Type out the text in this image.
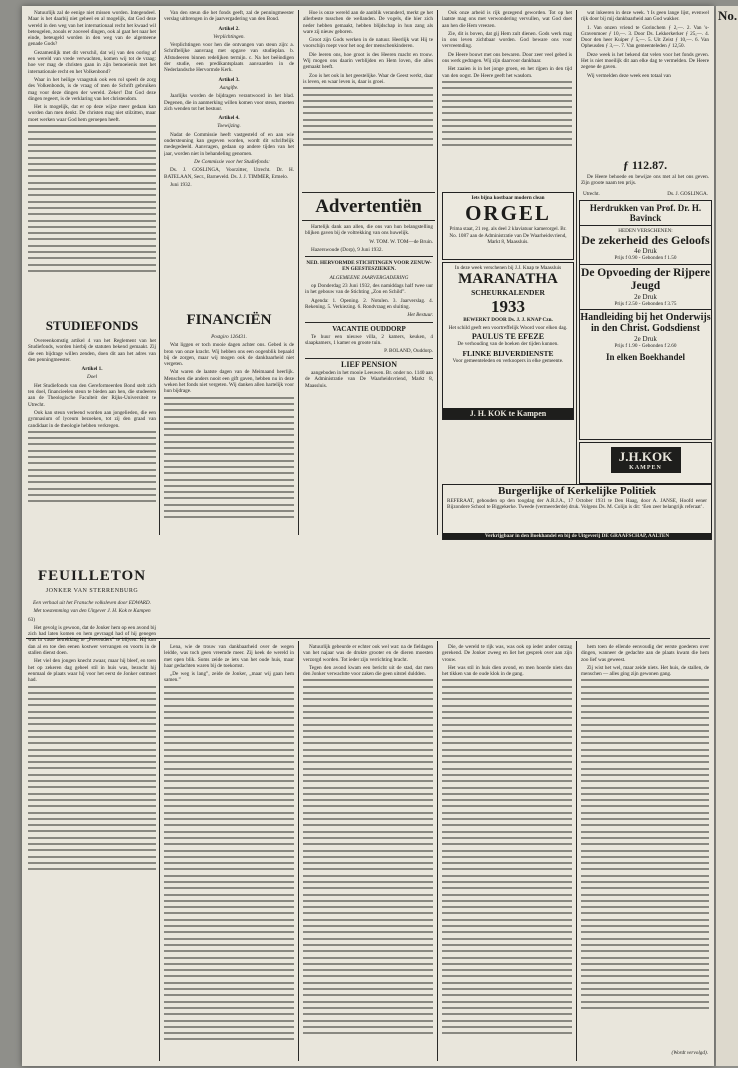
Natuurlijk zal de eenige niet missen worden. Integendeel. Maar is het daarbij niet geheel en al mogelijk, dat God deze wereld in den weg van het internationaal recht het kwaad wil beteugelen, zooals er zooveel dingen, ook al gaat het naar het einde, beteugeld worden in den weg van de algemeene genade Gods?

Gezamenlijk met dit verschil, dat wij van den oorlog af een wereld van vrede verwachten, komen wij tot de vraag: hoe ver mag de christen gaan in zijn bemoeienis met het internationale recht en het Volkenbond?

Waar in het heilige vraagstuk ook een rol speelt de zorg des Volkenbonds, is de vraag of men de Schrift gebruiken mag voor deze dingen der wereld. Zeker! Dat God deze dingen regeert, is de verklaring van het christendom.

Het is mogelijk, dat er op deze wijze meer gedaan kan worden dan men denkt. De christen mag niet stilzitten, maar moet werken waar God hem geroepen heeft.

STUDIEFONDS

Overeenkomstig artikel 4 van het Reglement van het Studiefonds, worden hierbij de statuten bekend gemaakt. Zij die een bijdrage willen zenden, doen dit aan het adres van den penningmeester.

Artikel 1.
Doel

Het Studiefonds van den Gereformeerden Bond stelt zich ten doel, financieelen steun te bieden aan hen, die studeeren aan de Theologische Faculteit der Rijks-Universiteit te Utrecht.

Ook kan steun verleend worden aan jongelieden, die een gymnasium of lyceum bezoeken, tot zij den graad van candidaat in de theologie hebben verkregen.

Van den steun die het fonds geeft, zal de penningmeester verslag uitbrengen in de jaarvergadering van den Bond.

Artikel 2.
Verplichtingen.

Verplichtingen voor hen die ontvangen van steun zijn: a. Schriftelijke aanvraag met opgave van studieplan. b. Afstudeeren binnen redelijken termijn. c. Na het beëindigen der studie, een predikantsplaats aanvaarden in de Nederlandsche Hervormde Kerk.

Artikel 3.
Aangifte.

Jaarlijks worden de bijdragen verantwoord in het blad. Degenen, die in aanmerking willen komen voor steun, moeten zich wenden tot het bestuur.

Artikel 4.
Toewijzing.

Nadat de Commissie heeft vastgesteld of en aan wie ondersteuning kan gegeven worden, wordt dit schriftelijk medegedeeld. Aanvragen, gedaan op andere tijden van het jaar, worden niet in behandeling genomen.

De Commissie voor het Studiefonds:

Ds. J. GOSLINGA, Voorzitter, Utrecht. Dr. H. BATELAAN, Secr., Barneveld. Ds. J. J. TIMMER, Ermelo.

Juni 1932.

FINANCIËN
Postgiro 126431.

Wat liggen er toch mooie dagen achter ons. Gebed is de bron van onze kracht. Wij hebben ons een oogenblik bepaald bij de zorgen, maar wij mogen ook de dankbaarheid niet vergeten.

Wat waren de laatste dagen van de Meimaand heerlijk. Menschen die anders nooit een gift gaven, hebben nu in deze weken het fonds niet vergeten. Wij danken allen hartelijk voor hun bijdrage.

Hoe is onze wereld aan de aanblik veranderd, merkt ge het allerbeste tusschen de wellanden. De vogels, die hier zich neder hebben gemaakt, hebben blijdschap in hun zang als ware zij nieuw geboren.

Groot zijn Gods werken in de natuur. Heerlijk wat Hij te voorschijn roept voor het oog der menschenkinderen.

Die leeren ons, hoe groot is des Heeren macht en trouw. Wij mogen ons daarin verblijden en Hem loven, die alles gemaakt heeft.

Zoo is het ook in het geestelijke. Waar de Geest werkt, daar is leven, en waar leven is, daar is groei.

Advertentiën

Hartelijk dank aan allen, die ons van hun belangstelling blijken gaven bij de voltrekking van ons huwelijk.

W. TOM. W. TOM—de Bruin.

Hazerswoude (Dorp), 9 Juni 1932.

NED. HERVORMDE STICHTINGEN VOOR ZENUW- EN GEESTESZIEKEN.
ALGEMEENE JAARVERGADERING

op Donderdag 23 Juni 1932, des namiddags half twee uur in het gebouw van de Stichting „Zon en Schild”.

Agenda: 1. Opening. 2. Notulen. 3. Jaarverslag. 4. Rekening. 5. Verkiezing. 6. Rondvraag en sluiting.

Het Bestuur.

VACANTIE OUDDORP

Te huur een nieuwe villa, 2 kamers, keuken, 4 slaapkamers, 1 kamer en groote tuin.

P. BOLAND, Ouddorp.

LIEF PENSION

aangeboden in het mooie Leeuwen. Br. onder no. 1140 aan de Administratie van De Waarheidsvriend, Markt 8, Maassluis.

Ook onze arbeid is rijk gezegend geworden. Tot op het laatste mag ons met verwondering vervullen, wat God doet aan hen die Hem vreezen.

Zie, dit is boven, dat gij Hem zult dienen. Gods werk mag in ons leven zichtbaar worden. God beware ons voor vervreemding.

De Heere bouwt met ons bewaren. Door zeer veel gebed is ons werk gedragen. Wij zijn daarvoor dankbaar.

Het zaaien is in het jonge groen, en het rijpen in den tijd van den oogst. De Heere geeft het wasdom.

Iets bijna kostbaar modern clean
ORGEL
Prima staat, 21 reg. als deel 2 klaviatuur kamerorgel. Br. No. 1087 aan de Administratie van De Waarheidsvriend, Markt 8, Maassluis.
In deze week verschenen bij J.J. Knap te Maassluis
MARANATHA
SCHEURKALENDER
1933
BEWERKT DOOR Ds. J. J. KNAP Czn.
Het schild geeft een voortreffelijk Woord voor elken dag.
PAULUS TE EFEZE
De verhouding van de boeken der tijden kunnen.
FLINKE BIJVERDIENSTE
Voor gemeenteleden en verkoopers in elke gemeente.
J. H. KOK te Kampen

wat inkeeren in deze week. 't Is geen lange lijst, evenwel rijk door bij mij dankbaarheid aan God wakker.

1. Van onzen vriend te Gorinchem ƒ 2,—. 2. Van 's-Gravenmoer ƒ 10,—. 3. Door Ds. Lekkerkerker ƒ 25,—. 4. Door den heer Kuiper ƒ 5,—. 5. Uit Zeist ƒ 10,—. 6. Van Opheusden ƒ 3,—. 7. Van gemeenteleden ƒ 12,50.

Deze week is het bekend dat velen voor het fonds geven. Het is niet moeilijk dit aan elke dag te vermelden. De Heere zegene de gaven.

Wij vermelden deze week een totaal van

ƒ 112.87.

De Heere behoede en bewijze ons met al het ons geven. Zijn groote naam ten prijs.

Utrecht.	Ds. J. GOSLINGA.
Herdrukken van Prof. Dr. H. Bavinck
HEDEN VERSCHENEN:
De zekerheid des Geloofs
4e Druk
Prijs f 0.90 - Gebonden f 1.50
De Opvoeding der Rijpere Jeugd
2e Druk
Prijs f 2.50 - Gebonden f 3.75
Handleiding bij het Onderwijs in den Christ. Godsdienst
2e Druk
Prijs f 1.90 - Gebonden f 2.60
In elken Boekhandel
J.H.KOK
KAMPEN
Burgerlijke of Kerkelijke Politiek
REFERAAT, gehouden op den toogdag der A.R.J.A., 17 October 1931 te Den Haag, door A. JANSE, Hoofd eener Bijzondere School te Biggekerke. Tweede (vermeerderde) druk. Volgens Ds. M. Colijn is dit: ‘Een zeer belangrijk referaat’.
Verkrijgbaar in den Boekhandel en bij de Uitgeverij DE GRAAFSCHAP, AALTEN
FEUILLETON
JONKER VAN STERRENBURG
Een verhaal uit het Fransche volksleven door EDWARD.
Met toestemming van den Uitgever J. H. Kok te Kampen

63)

Het gevolg is gewoon, dat de Jonker hem op een avond bij zich had laten komen en hem gevraagd had of hij genegen was in vaste betrekking te „Prevenders” te blijven. Hij kon dan al en toe den eenen kostwer vervangen en voorts in de stallen dienst doen.

Het viel den jongen knecht zwaar, maar hij bleef, en toen het op zekeren dag geheel stil in huis was, bezocht hij eenmaal de plaats waar hij voor het eerst de Jonker ontmoet had.

Lena, wie de trouw van dankbaarheid over de wegen leidde, was toch geen vreemde meer. Zij keek de wereld in met open blik. Soms zeide ze iets van het oude huis, maar haar gedachten waren bij de toekomst.

„De weg is lang”, zeide de Jonker, „maar wij gaan hem samen.”

Natuurlijk gebeurde er echter ook wel wat: na de fieldagen van het najaar was de drukte grooter en de dieren moesten verzorgd worden. Tot ieder zijn verrichting bracht.

Tegen den avond kwam een bericht uit de stad, dat men den Jonker verwachtte voor zaken die geen uitstel duldden.

Die, de wereld te rijk was, was ook op ieder ander ontzag gerekend. De Jonker zweeg en liet het gesprek over aan zijn vrouw.

Het was stil in huis dien avond, en men hoorde niets dan het tikken van de oude klok in de gang.

hem toen de ellende eenvoudig der eerste goederen over dingen, wanneer de gedachte aan de plaats kwam die hem zoo lief was geweest.

Zij wist het wel, maar zeide niets. Het huis, de stallen, de menschen — alles ging zijn gewonen gang.

(Wordt vervolgd).
No.
